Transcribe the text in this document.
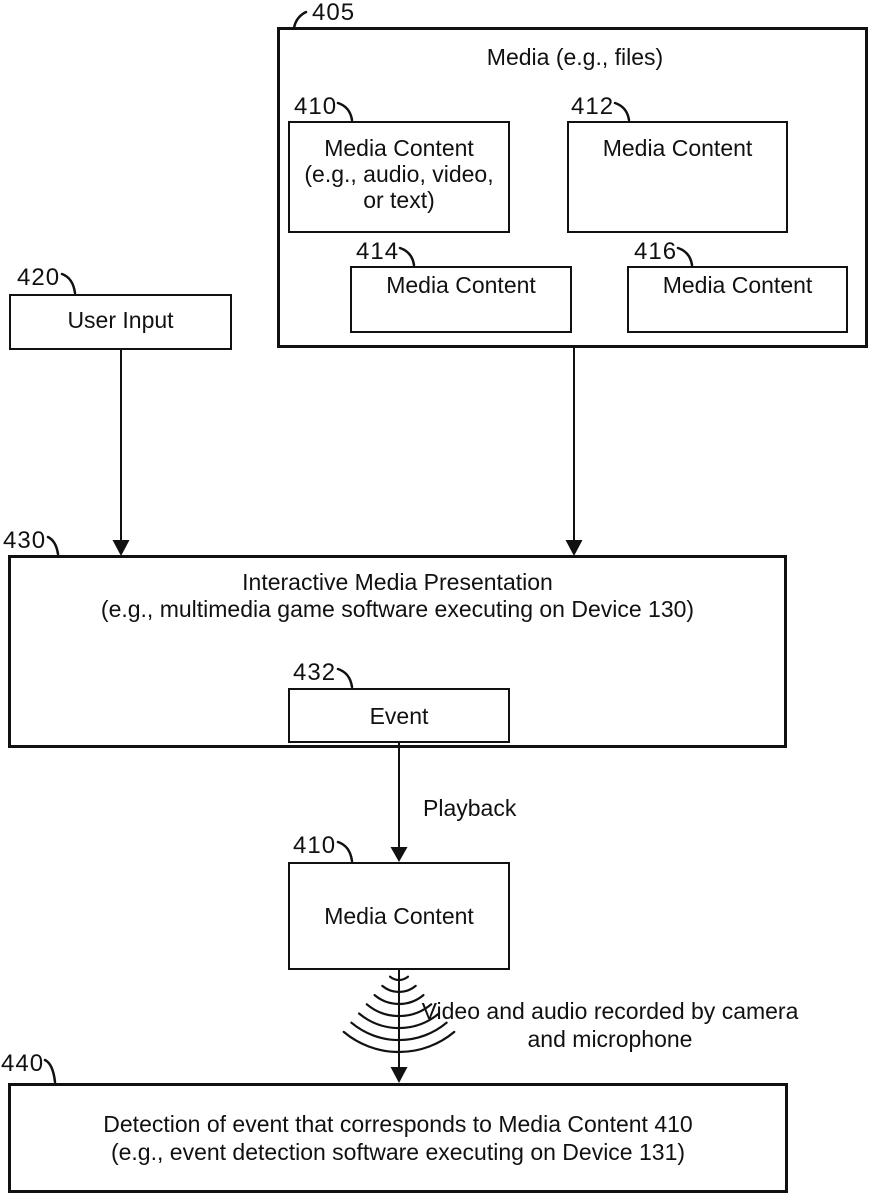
Media (e.g., files)
Media Content
(e.g., audio, video,
or text)
Media Content
Media Content	Media Content
User Input
Interactive Media Presentation
(e.g., multimedia game software executing on Device 130)
Event
Media Content
Detection of event that corresponds to Media Content 410
(e.g., event detection software executing on Device 131)
Playback
Video and audio recorded by camera
and microphone
405
410	412
414	416
420
430
432
410
440
